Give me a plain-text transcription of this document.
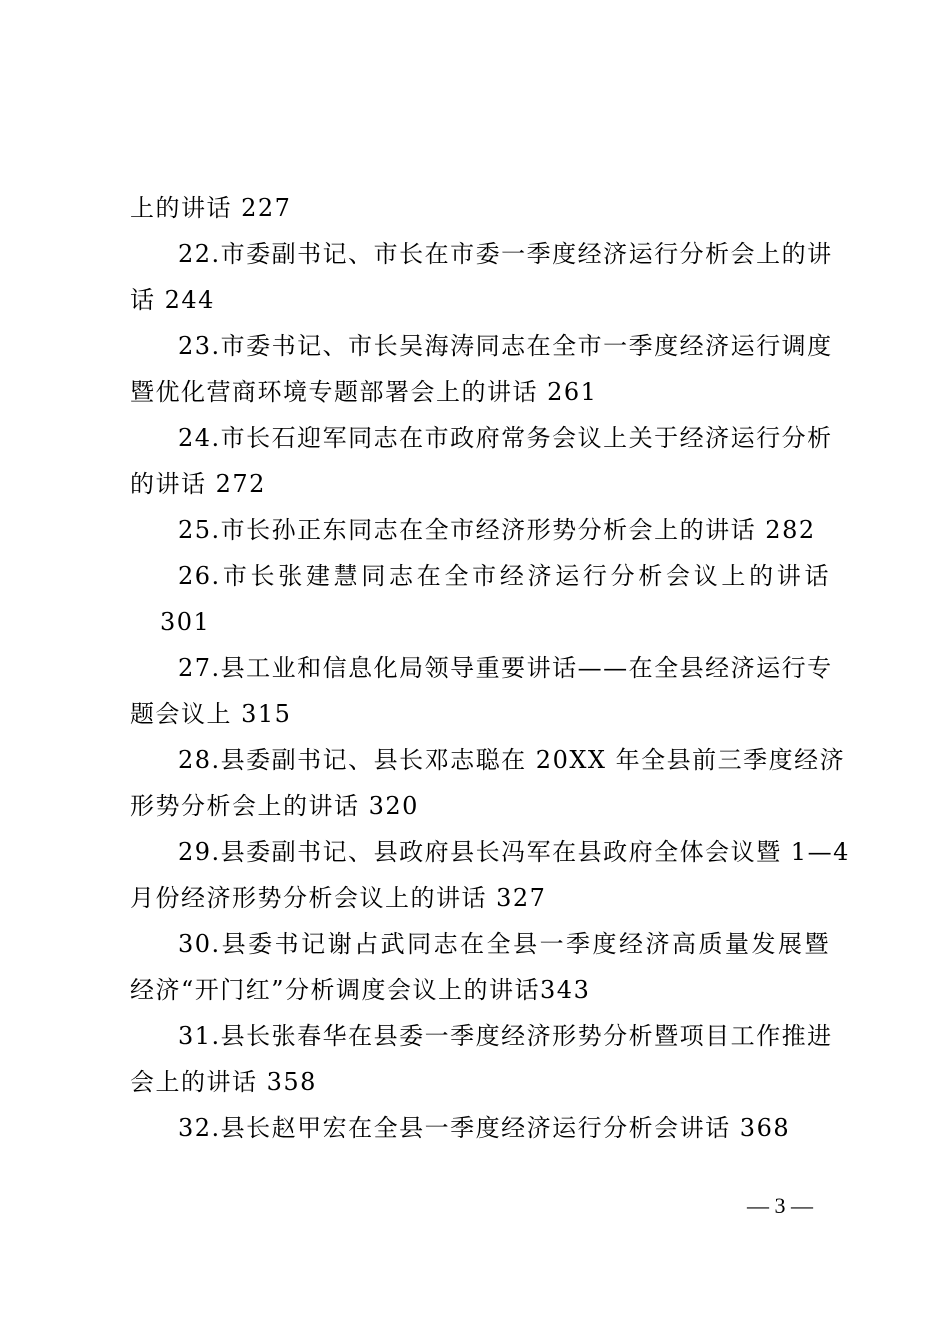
上的讲话 227
22.市委副书记、市长在市委一季度经济运行分析会上的讲
话 244
23.市委书记、市长吴海涛同志在全市一季度经济运行调度
暨优化营商环境专题部署会上的讲话 261
24.市长石迎军同志在市政府常务会议上关于经济运行分析
的讲话 272
25.市长孙正东同志在全市经济形势分析会上的讲话 282
26.市长张建慧同志在全市经济运行分析会议上的讲话
301
27.县工业和信息化局领导重要讲话——在全县经济运行专
题会议上 315
28.县委副书记、县长邓志聪在 20XX 年全县前三季度经济
形势分析会上的讲话 320
29.县委副书记、县政府县长冯军在县政府全体会议暨 1—4
月份经济形势分析会议上的讲话 327
30.县委书记谢占武同志在全县一季度经济高质量发展暨
经济“开门红”分析调度会议上的讲话343
31.县长张春华在县委一季度经济形势分析暨项目工作推进
会上的讲话 358
32.县长赵甲宏在全县一季度经济运行分析会讲话 368
— 3 —
